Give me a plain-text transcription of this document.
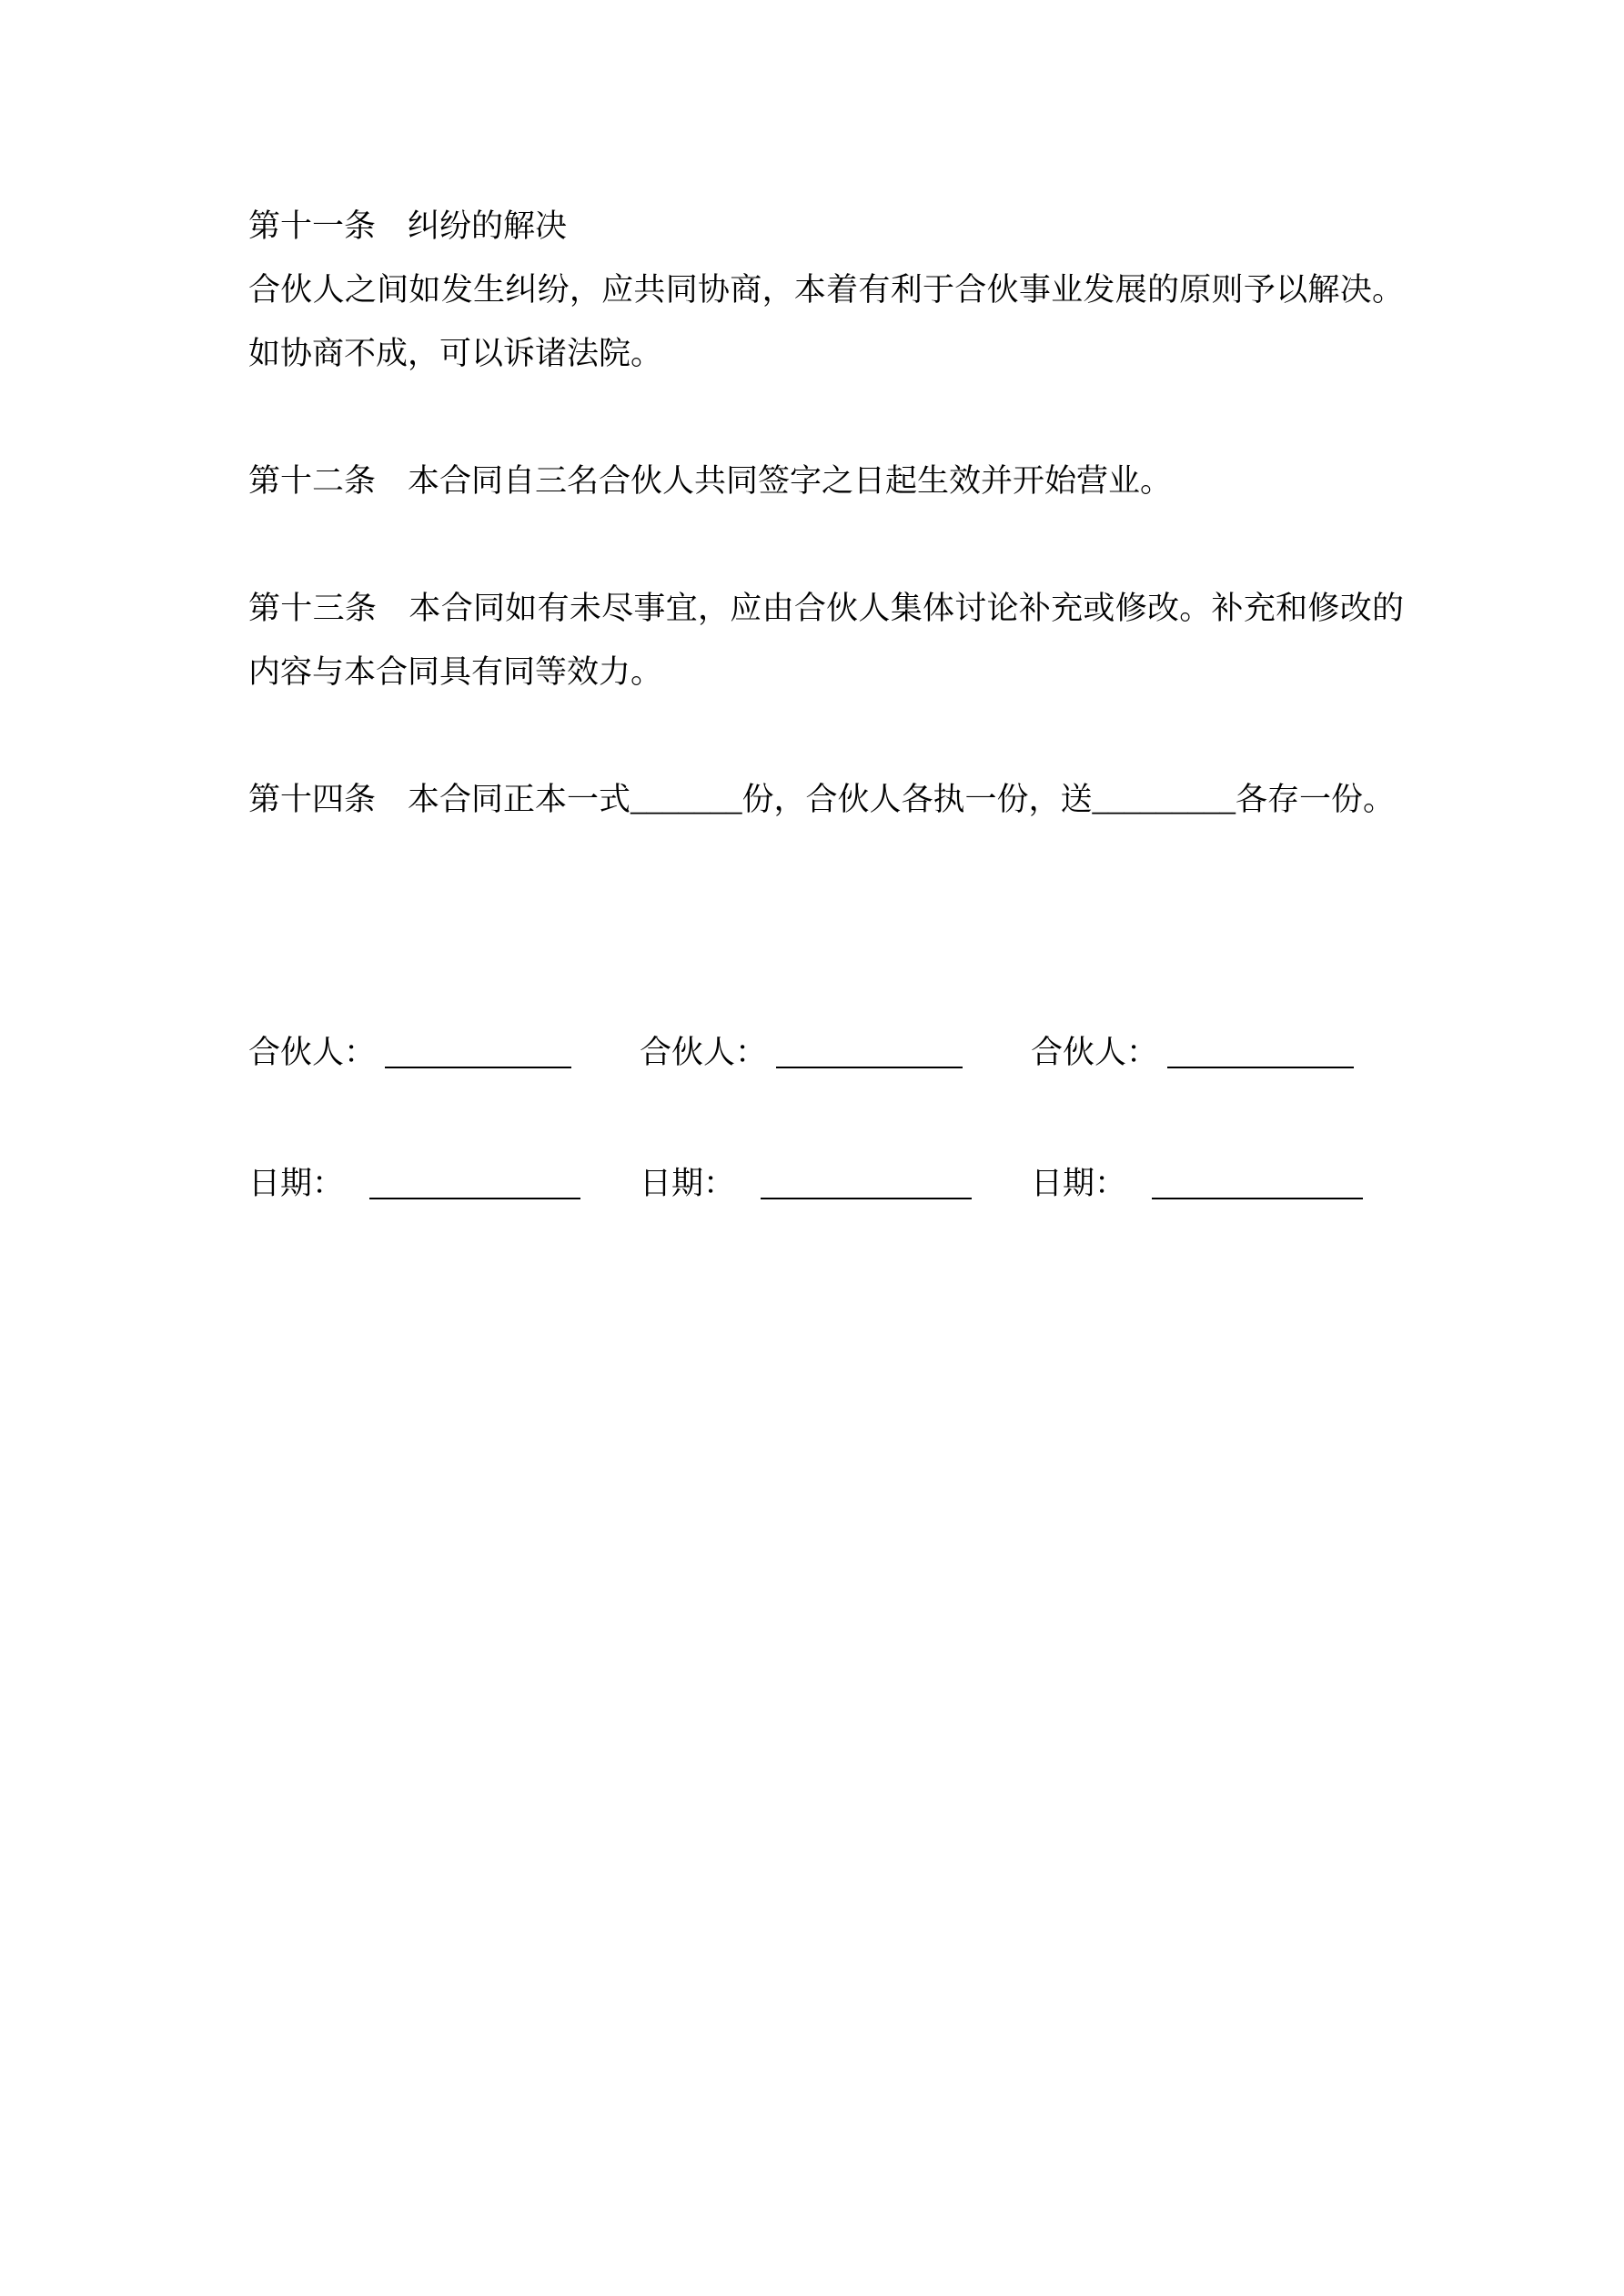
第十一条　纠纷的解决

合伙人之间如发生纠纷，应共同协商，本着有利于合伙事业发展的原则予以解决。如协商不成，可以诉诸法院。

第十二条　本合同自三名合伙人共同签字之日起生效并开始营业。

第十三条　本合同如有未尽事宜，应由合伙人集体讨论补充或修改。补充和修改的内容与本合同具有同等效力。

第十四条　本合同正本一式_______份，合伙人各执一份，送_________各存一份。

合伙人：	合伙人：	合伙人：
日期：	日期：	日期：
